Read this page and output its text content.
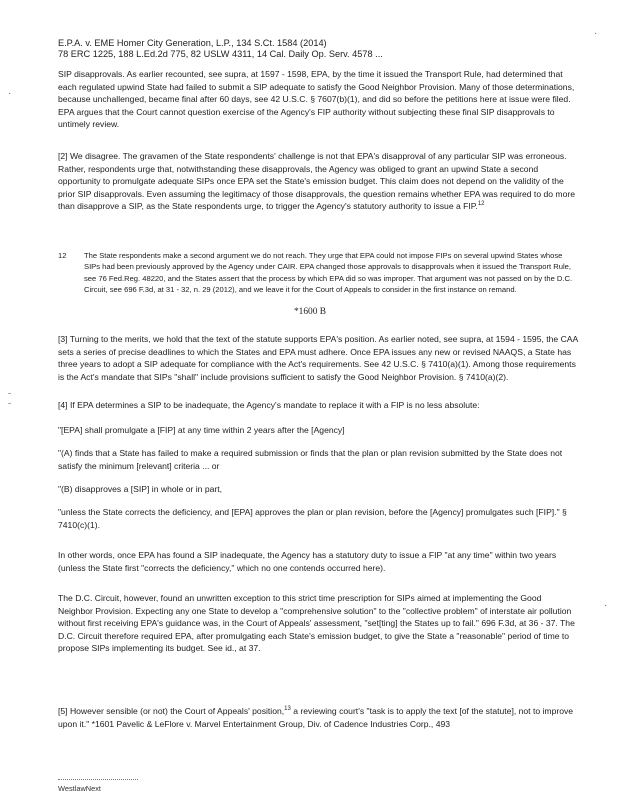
E.P.A. v. EME Homer City Generation, L.P., 134 S.Ct. 1584 (2014)
78 ERC 1225, 188 L.Ed.2d 775, 82 USLW 4311, 14 Cal. Daily Op. Serv. 4578 ...

SIP disapprovals. As earlier recounted, see supra, at 1597 - 1598, EPA, by the time it issued the Transport Rule, had determined that each regulated upwind State had failed to submit a SIP adequate to satisfy the Good Neighbor Provision. Many of those determinations, because unchallenged, became final after 60 days, see 42 U.S.C. § 7607(b)(1), and did so before the petitions here at issue were filed. EPA argues that the Court cannot question exercise of the Agency's FIP authority without subjecting these final SIP disapprovals to untimely review.

[2] We disagree. The gravamen of the State respondents' challenge is not that EPA's disapproval of any particular SIP was erroneous. Rather, respondents urge that, notwithstanding these disapprovals, the Agency was obliged to grant an upwind State a second opportunity to promulgate adequate SIPs once EPA set the State's emission budget. This claim does not depend on the validity of the prior SIP disapprovals. Even assuming the legitimacy of those disapprovals, the question remains whether EPA was required to do more than disapprove a SIP, as the State respondents urge, to trigger the Agency's statutory authority to issue a FIP.$^{12}$

12 The State respondents make a second argument we do not reach. They urge that EPA could not impose FIPs on several upwind States whose SIPs had been previously approved by the Agency under CAIR. EPA changed those approvals to disapprovals when it issued the Transport Rule, see 76 Fed.Reg. 48220, and the States assert that the process by which EPA did so was improper. That argument was not passed on by the D.C. Circuit, see 696 F.3d, at 31 - 32, n. 29 (2012), and we leave it for the Court of Appeals to consider in the first instance on remand.
*1600 B

[3] Turning to the merits, we hold that the text of the statute supports EPA's position. As earlier noted, see supra, at 1594 - 1595, the CAA sets a series of precise deadlines to which the States and EPA must adhere. Once EPA issues any new or revised NAAQS, a State has three years to adopt a SIP adequate for compliance with the Act's requirements. See 42 U.S.C. § 7410(a)(1). Among those requirements is the Act's mandate that SIPs "shall" include provisions sufficient to satisfy the Good Neighbor Provision. § 7410(a)(2).

[4] If EPA determines a SIP to be inadequate, the Agency's mandate to replace it with a FIP is no less absolute:

"[EPA] shall promulgate a [FIP] at any time within 2 years after the [Agency]

"(A) finds that a State has failed to make a required submission or finds that the plan or plan revision submitted by the State does not satisfy the minimum [relevant] criteria ... or

"(B) disapproves a [SIP] in whole or in part,

"unless the State corrects the deficiency, and [EPA] approves the plan or plan revision, before the [Agency] promulgates such [FIP]." § 7410(c)(1).

In other words, once EPA has found a SIP inadequate, the Agency has a statutory duty to issue a FIP "at any time" within two years (unless the State first "corrects the deficiency," which no one contends occurred here).

The D.C. Circuit, however, found an unwritten exception to this strict time prescription for SIPs aimed at implementing the Good Neighbor Provision. Expecting any one State to develop a "comprehensive solution" to the "collective problem" of interstate air pollution without first receiving EPA's guidance was, in the Court of Appeals' assessment, "set[ting] the States up to fail." 696 F.3d, at 36 - 37. The D.C. Circuit therefore required EPA, after promulgating each State's emission budget, to give the State a "reasonable" period of time to propose SIPs implementing its budget. See id., at 37.

[5] However sensible (or not) the Court of Appeals' position,$^{13}$ a reviewing court's "task is to apply the text [of the statute], not to improve upon it." *1601 Pavelic & LeFlore v. Marvel Entertainment Group, Div. of Cadence Industries Corp., 493

WestlawNext
·
ˉ
ˉ
·
·
